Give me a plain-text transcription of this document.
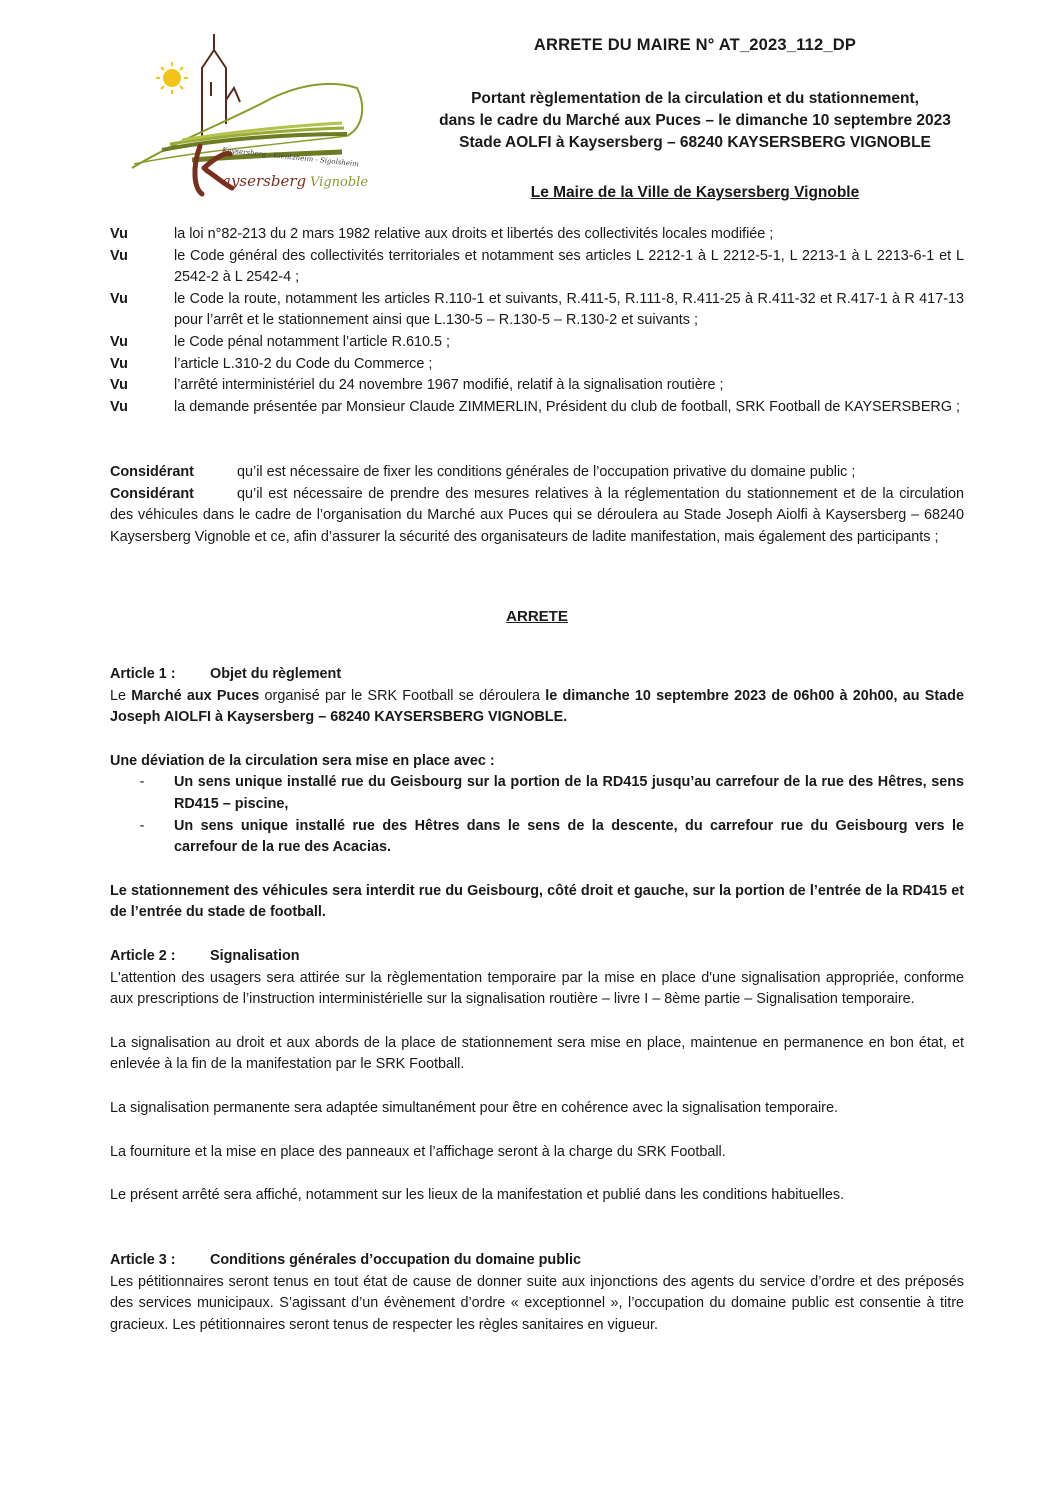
Kaysersberg - Kientzheim - Sigolsheim
aysersberg Vignoble
ARRETE DU MAIRE N° AT_2023_112_DP
Portant règlementation de la circulation et du stationnement,
dans le cadre du Marché aux Puces – le dimanche 10 septembre 2023
Stade AOLFI à Kaysersberg – 68240 KAYSERSBERG VIGNOBLE
Le Maire de la Ville de Kaysersberg Vignoble
Vu	la loi n°82-213 du 2 mars 1982 relative aux droits et libertés des collectivités locales modifiée ;
Vu	le Code général des collectivités territoriales et notamment ses articles L 2212-1 à L 2212-5-1, L 2213-1 à L 2213-6-1 et L 2542-2 à L 2542-4 ;
Vu	le Code la route, notamment les articles R.110-1 et suivants, R.411-5, R.111-8, R.411-25 à R.411-32 et R.417-1 à R 417-13 pour l’arrêt et le stationnement ainsi que L.130-5 – R.130-5 – R.130-2 et suivants ;
Vu	le Code pénal notamment l’article R.610.5 ;
Vu	l’article L.310-2 du Code du Commerce ;
Vu	l’arrêté interministériel du 24 novembre 1967 modifié, relatif à la signalisation routière ;
Vu	la demande présentée par Monsieur Claude ZIMMERLIN, Président du club de football, SRK Football de KAYSERSBERG ;

Considérant	qu’il est nécessaire de fixer les conditions générales de l’occupation privative du domaine public ;

Considérant	qu’il est nécessaire de prendre des mesures relatives à la réglementation du stationnement et de la circulation des véhicules dans le cadre de l’organisation du Marché aux Puces qui se déroulera au Stade Joseph Aiolfi à Kaysersberg – 68240 Kaysersberg Vignoble et ce, afin d’assurer la sécurité des organisateurs de ladite manifestation, mais également des participants ;

ARRETE
Article 1 : Objet du règlement

Le Marché aux Puces organisé par le SRK Football se déroulera le dimanche 10 septembre 2023 de 06h00 à 20h00, au Stade Joseph AIOLFI à Kaysersberg – 68240 KAYSERSBERG VIGNOBLE.

Une déviation de la circulation sera mise en place avec :

-	Un sens unique installé rue du Geisbourg sur la portion de la RD415 jusqu’au carrefour de la rue des Hêtres, sens RD415 – piscine,
-	Un sens unique installé rue des Hêtres dans le sens de la descente, du carrefour rue du Geisbourg vers le carrefour de la rue des Acacias.

Le stationnement des véhicules sera interdit rue du Geisbourg, côté droit et gauche, sur la portion de l’entrée de la RD415 et de l’entrée du stade de football.

Article 2 : Signalisation

L'attention des usagers sera attirée sur la règlementation temporaire par la mise en place d'une signalisation appropriée, conforme aux prescriptions de l’instruction interministérielle sur la signalisation routière – livre I – 8ème partie – Signalisation temporaire.

La signalisation au droit et aux abords de la place de stationnement sera mise en place, maintenue en permanence en bon état, et enlevée à la fin de la manifestation par le SRK Football.

La signalisation permanente sera adaptée simultanément pour être en cohérence avec la signalisation temporaire.

La fourniture et la mise en place des panneaux et l’affichage seront à la charge du SRK Football.

Le présent arrêté sera affiché, notamment sur les lieux de la manifestation et publié dans les conditions habituelles.

Article 3 : Conditions générales d’occupation du domaine public

Les pétitionnaires seront tenus en tout état de cause de donner suite aux injonctions des agents du service d’ordre et des préposés des services municipaux. S’agissant d’un évènement d’ordre « exceptionnel », l’occupation du domaine public est consentie à titre gracieux. Les pétitionnaires seront tenus de respecter les règles sanitaires en vigueur.
